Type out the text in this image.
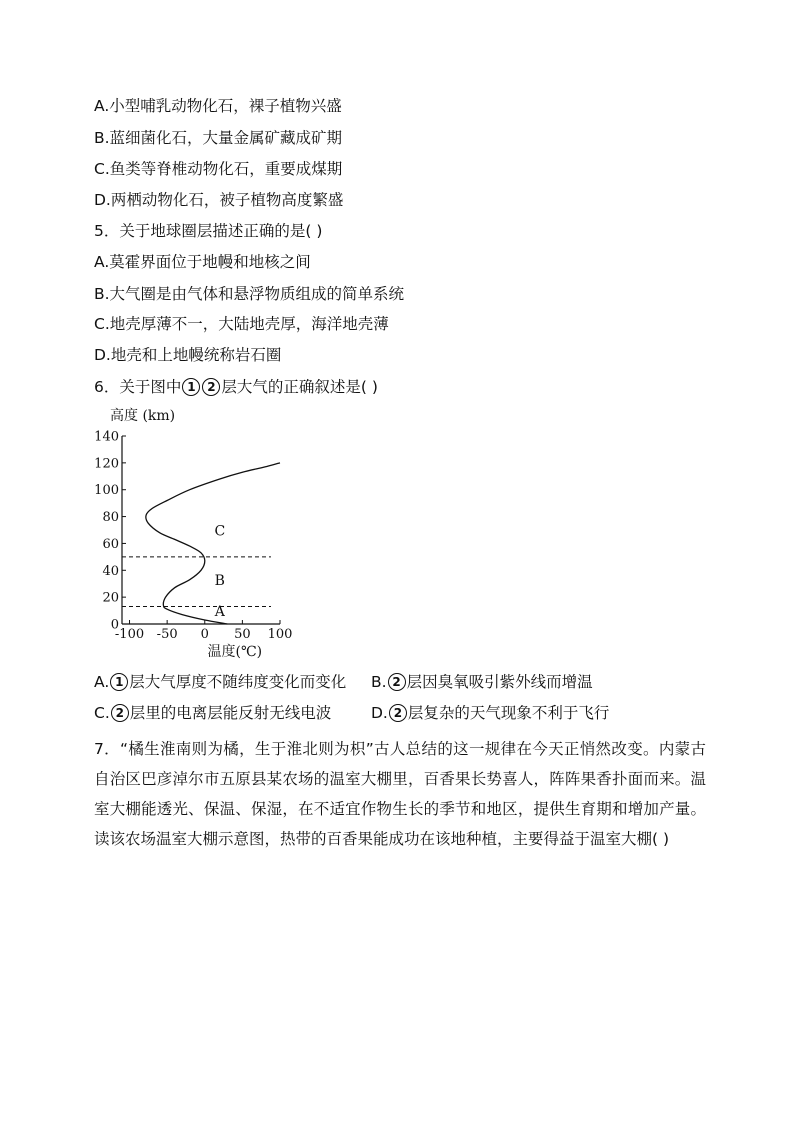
A.小型哺乳动物化石，裸子植物兴盛
B.蓝细菌化石，大量金属矿藏成矿期
C.鱼类等脊椎动物化石，重要成煤期
D.两栖动物化石，被子植物高度繁盛
5．关于地球圈层描述正确的是( )
A.莫霍界面位于地幔和地核之间
B.大气圈是由气体和悬浮物质组成的简单系统
C.地壳厚薄不一，大陆地壳厚，海洋地壳薄
D.地壳和上地幔统称岩石圈
6．关于图中 1 2 层大气的正确叙述是( )
0
20
40
60
80
100
120
140
-100 -50 0 50 100
高度 (km)
温度(℃)
A
B
C
A. 1 层大气厚度不随纬度变化而变化 B. 2 层因臭氧吸引紫外线而增温
C. 2 层里的电离层能反射无线电波	D. 2 层复杂的天气现象不利于飞行
7．“橘生淮南则为橘，生于淮北则为枳”古人总结的这一规律在今天正悄然改变。内蒙古自治区巴彦淖尔市五原县某农场的温室大棚里，百香果长势喜人，阵阵果香扑面而来。温室大棚能透光、保温、保湿，在不适宜作物生长的季节和地区，提供生育期和增加产量。读该农场温室大棚示意图，热带的百香果能成功在该地种植，主要得益于温室大棚( )
